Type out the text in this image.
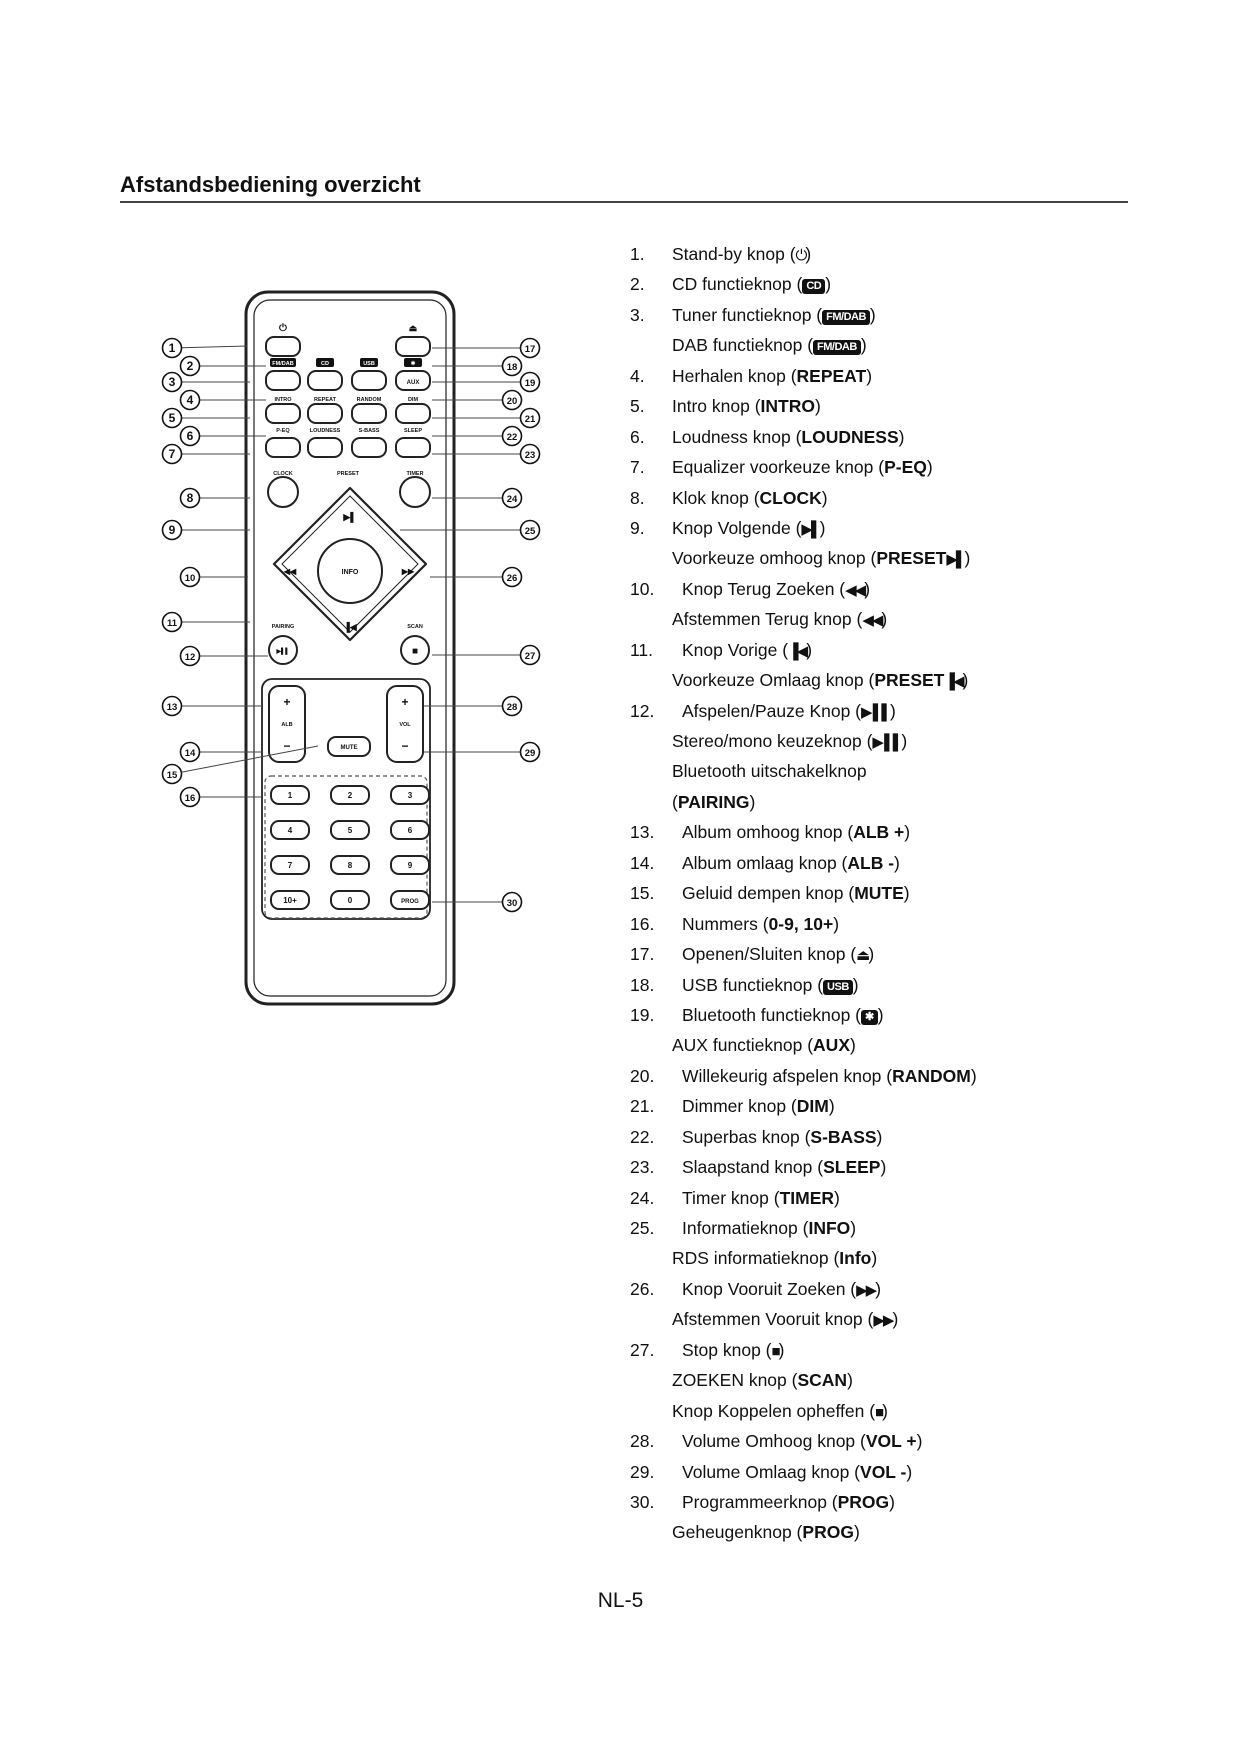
Afstandsbediening overzicht
⏻	⏏
FM/DAB	CD	USB	✱
AUX
INTRO	REPEAT	RANDOM	DIM
P-EQ	LOUDNESS	S-BASS	SLEEP
CLOCK	PRESET	TIMER
INFO
▶▌
▐◀
◀◀	▶▶
PAIRING
▶▌▌
SCAN
■
+
ALB
−
+
VOL
−
MUTE
1	2	3
4	5	6
7	8	9
10+	0	PROG
1
2
3
4
5
6
7
8
9
10
11
12
13
14
15
16
17
18
19
20
21
22
23
24
25
26
27
28
29
30
1. Stand-by knop (⏻)
2. CD functieknop ( CD )
3. Tuner functieknop ( FM/DAB )
DAB functieknop ( FM/DAB )
4. Herhalen knop (REPEAT)
5. Intro knop (INTRO)
6. Loudness knop (LOUDNESS)
7. Equalizer voorkeuze knop (P-EQ)
8. Klok knop (CLOCK)
9. Knop Volgende (▶▌)
Voorkeuze omhoog knop (PRESET▶▌)
10. Knop Terug Zoeken (◀◀)
Afstemmen Terug knop (◀◀)
11. Knop Vorige (▐◀)
Voorkeuze Omlaag knop (PRESET▐◀)
12. Afspelen/Pauze Knop (▶ ▌▌)
Stereo/mono keuzeknop (▶ ▌▌)
Bluetooth uitschakelknop
(PAIRING)
13. Album omhoog knop (ALB +)
14. Album omlaag knop (ALB -)
15. Geluid dempen knop (MUTE)
16. Nummers (0-9, 10+)
17. Openen/Sluiten knop (⏏)
18. USB functieknop ( USB )
19. Bluetooth functieknop ( ✱ )
AUX functieknop (AUX)
20. Willekeurig afspelen knop (RANDOM)
21. Dimmer knop (DIM)
22. Superbas knop (S-BASS)
23. Slaapstand knop (SLEEP)
24. Timer knop (TIMER)
25. Informatieknop (INFO)
RDS informatieknop (Info)
26. Knop Vooruit Zoeken (▶▶)
Afstemmen Vooruit knop (▶▶)
27. Stop knop (■)
ZOEKEN knop (SCAN)
Knop Koppelen opheffen (■)
28. Volume Omhoog knop (VOL +)
29. Volume Omlaag knop (VOL -)
30. Programmeerknop (PROG)
Geheugenknop (PROG)
NL-5
